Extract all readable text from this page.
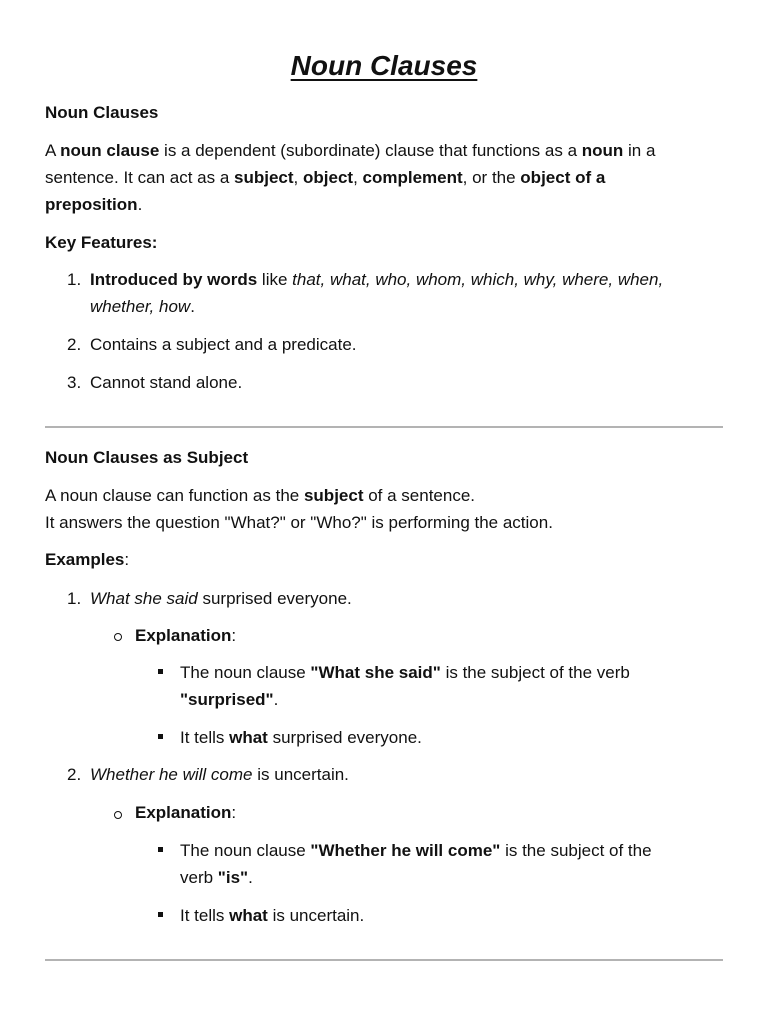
Noun Clauses
Noun Clauses
A noun clause is a dependent (subordinate) clause that functions as a noun in a
sentence. It can act as a subject, object, complement, or the object of a
preposition.
Key Features:
1. Introduced by words like that, what, who, whom, which, why, where, when,
whether, how.
2. Contains a subject and a predicate.
3. Cannot stand alone.
Noun Clauses as Subject
A noun clause can function as the subject of a sentence.
It answers the question "What?" or "Who?" is performing the action.
Examples:
1. What she said surprised everyone.
Explanation:
The noun clause "What she said" is the subject of the verb
"surprised".
It tells what surprised everyone.
2. Whether he will come is uncertain.
Explanation:
The noun clause "Whether he will come" is the subject of the
verb "is".
It tells what is uncertain.
